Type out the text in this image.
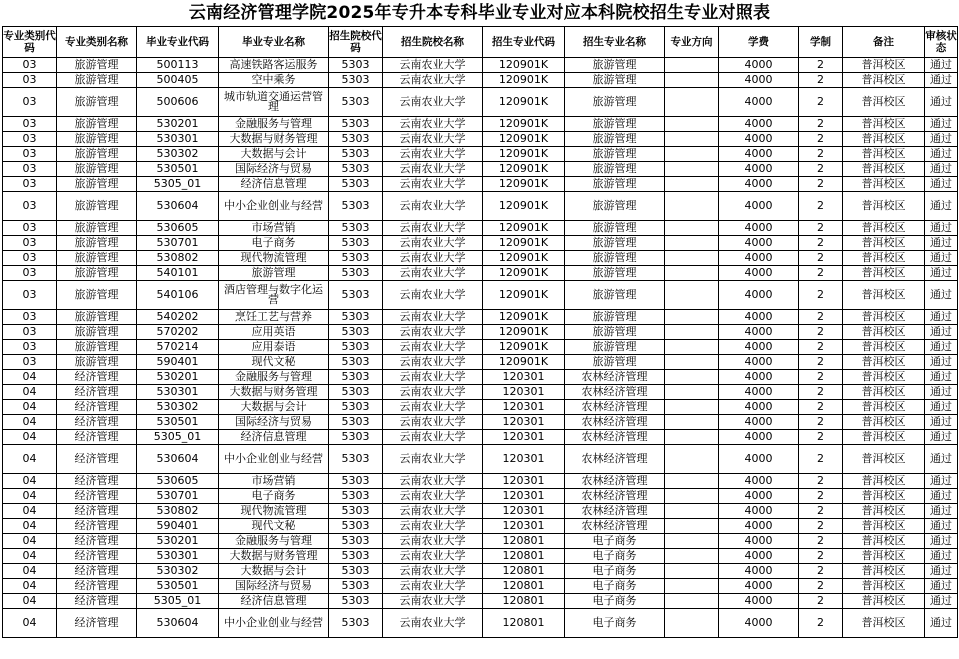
云南经济管理学院2025年专升本专科毕业专业对应本科院校招生专业对照表
专业类别代码	专业类别名称	毕业专业代码	毕业专业名称	招生院校代码	招生院校名称	招生专业代码	招生专业名称	专业方向	学费	学制	备注	审核状态
03	旅游管理	500113	高速铁路客运服务	5303	云南农业大学	120901K	旅游管理		4000	2	普洱校区	通过
03	旅游管理	500405	空中乘务	5303	云南农业大学	120901K	旅游管理		4000	2	普洱校区	通过
03	旅游管理	500606	城市轨道交通运营管理	5303	云南农业大学	120901K	旅游管理		4000	2	普洱校区	通过
03	旅游管理	530201	金融服务与管理	5303	云南农业大学	120901K	旅游管理		4000	2	普洱校区	通过
03	旅游管理	530301	大数据与财务管理	5303	云南农业大学	120901K	旅游管理		4000	2	普洱校区	通过
03	旅游管理	530302	大数据与会计	5303	云南农业大学	120901K	旅游管理		4000	2	普洱校区	通过
03	旅游管理	530501	国际经济与贸易	5303	云南农业大学	120901K	旅游管理		4000	2	普洱校区	通过
03	旅游管理	5305_01	经济信息管理	5303	云南农业大学	120901K	旅游管理		4000	2	普洱校区	通过
03	旅游管理	530604	中小企业创业与经营	5303	云南农业大学	120901K	旅游管理		4000	2	普洱校区	通过
03	旅游管理	530605	市场营销	5303	云南农业大学	120901K	旅游管理		4000	2	普洱校区	通过
03	旅游管理	530701	电子商务	5303	云南农业大学	120901K	旅游管理		4000	2	普洱校区	通过
03	旅游管理	530802	现代物流管理	5303	云南农业大学	120901K	旅游管理		4000	2	普洱校区	通过
03	旅游管理	540101	旅游管理	5303	云南农业大学	120901K	旅游管理		4000	2	普洱校区	通过
03	旅游管理	540106	酒店管理与数字化运营	5303	云南农业大学	120901K	旅游管理		4000	2	普洱校区	通过
03	旅游管理	540202	烹饪工艺与营养	5303	云南农业大学	120901K	旅游管理		4000	2	普洱校区	通过
03	旅游管理	570202	应用英语	5303	云南农业大学	120901K	旅游管理		4000	2	普洱校区	通过
03	旅游管理	570214	应用泰语	5303	云南农业大学	120901K	旅游管理		4000	2	普洱校区	通过
03	旅游管理	590401	现代文秘	5303	云南农业大学	120901K	旅游管理		4000	2	普洱校区	通过
04	经济管理	530201	金融服务与管理	5303	云南农业大学	120301	农林经济管理		4000	2	普洱校区	通过
04	经济管理	530301	大数据与财务管理	5303	云南农业大学	120301	农林经济管理		4000	2	普洱校区	通过
04	经济管理	530302	大数据与会计	5303	云南农业大学	120301	农林经济管理		4000	2	普洱校区	通过
04	经济管理	530501	国际经济与贸易	5303	云南农业大学	120301	农林经济管理		4000	2	普洱校区	通过
04	经济管理	5305_01	经济信息管理	5303	云南农业大学	120301	农林经济管理		4000	2	普洱校区	通过
04	经济管理	530604	中小企业创业与经营	5303	云南农业大学	120301	农林经济管理		4000	2	普洱校区	通过
04	经济管理	530605	市场营销	5303	云南农业大学	120301	农林经济管理		4000	2	普洱校区	通过
04	经济管理	530701	电子商务	5303	云南农业大学	120301	农林经济管理		4000	2	普洱校区	通过
04	经济管理	530802	现代物流管理	5303	云南农业大学	120301	农林经济管理		4000	2	普洱校区	通过
04	经济管理	590401	现代文秘	5303	云南农业大学	120301	农林经济管理		4000	2	普洱校区	通过
04	经济管理	530201	金融服务与管理	5303	云南农业大学	120801	电子商务		4000	2	普洱校区	通过
04	经济管理	530301	大数据与财务管理	5303	云南农业大学	120801	电子商务		4000	2	普洱校区	通过
04	经济管理	530302	大数据与会计	5303	云南农业大学	120801	电子商务		4000	2	普洱校区	通过
04	经济管理	530501	国际经济与贸易	5303	云南农业大学	120801	电子商务		4000	2	普洱校区	通过
04	经济管理	5305_01	经济信息管理	5303	云南农业大学	120801	电子商务		4000	2	普洱校区	通过
04	经济管理	530604	中小企业创业与经营	5303	云南农业大学	120801	电子商务		4000	2	普洱校区	通过
